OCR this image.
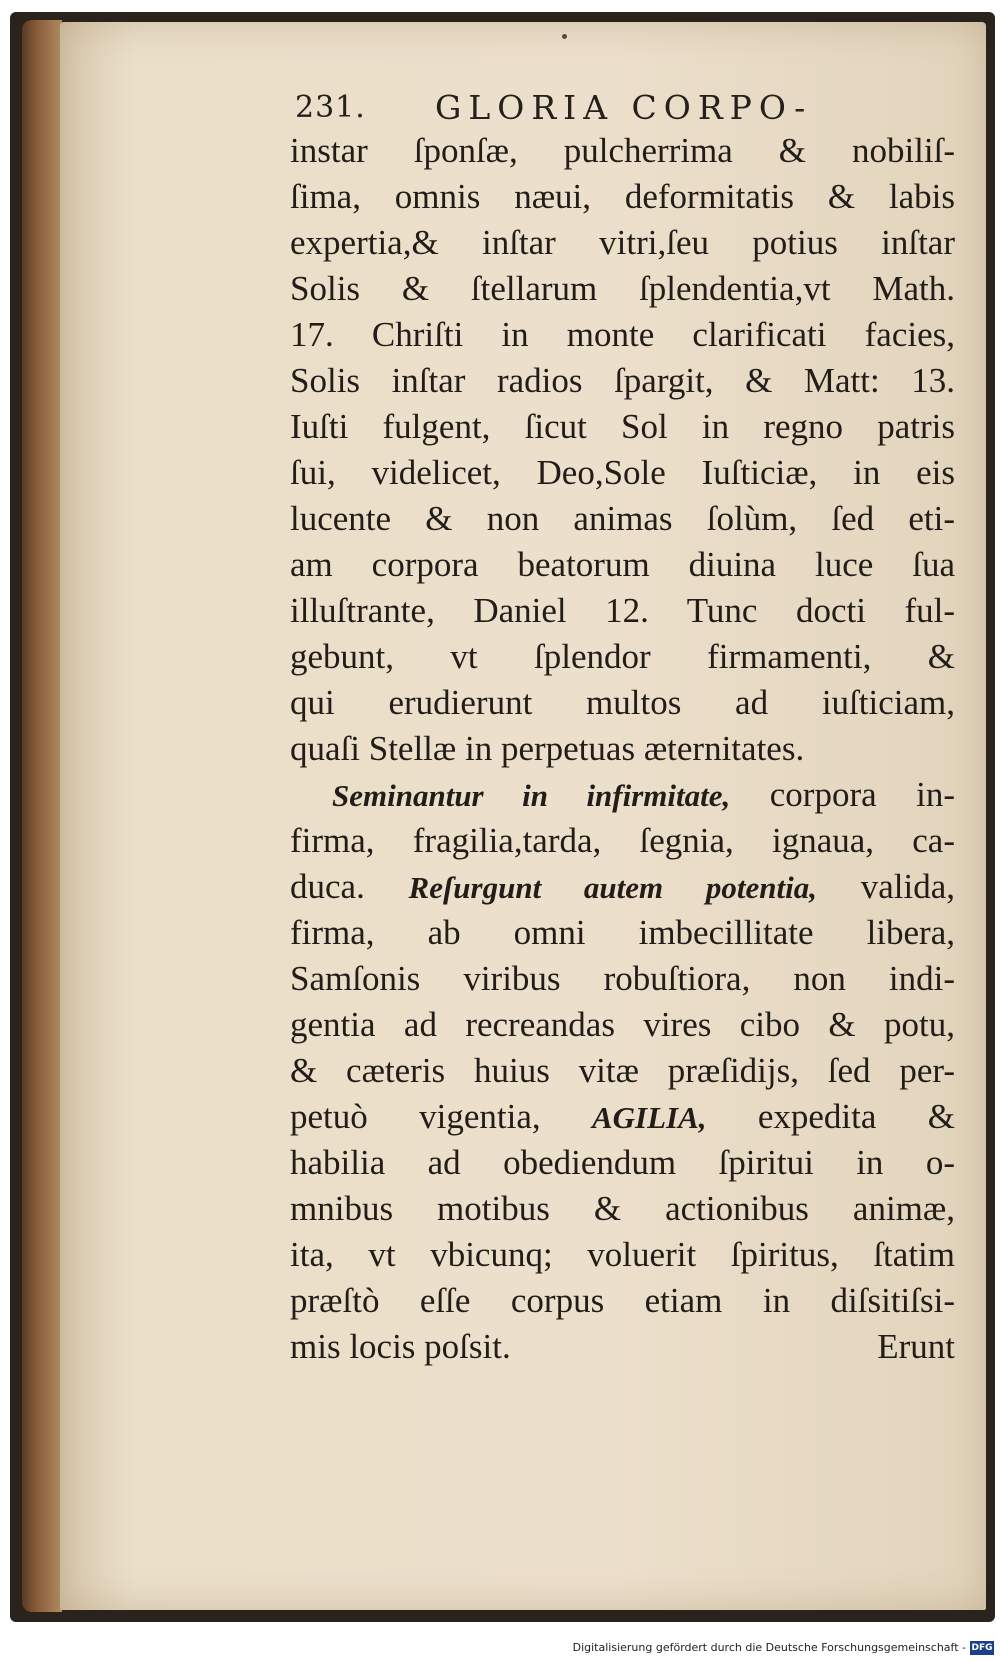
231. GLORIA CORPO-
instar ſponſæ, pulcherrima & nobiliſ-
ſima, omnis næui, deformitatis & labis
expertia,& inſtar vitri,ſeu potius inſtar
Solis & ſtellarum ſplendentia,vt Math.
17. Chriſti in monte clarificati facies,
Solis inſtar radios ſpargit, & Matt: 13.
Iuſti fulgent, ſicut Sol in regno patris
ſui, videlicet, Deo,Sole Iuſticiæ, in eis
lucente & non animas ſolùm, ſed eti-
am corpora beatorum diuina luce ſua
illuſtrante, Daniel 12. Tunc docti ful-
gebunt, vt ſplendor firmamenti, &
qui erudierunt multos ad iuſticiam,
quaſi Stellæ in perpetuas æternitates.
Seminantur in infirmitate, corpora in-
firma, fragilia,tarda, ſegnia, ignaua, ca-
duca. Reſurgunt autem potentia, valida,
firma, ab omni imbecillitate libera,
Samſonis viribus robuſtiora, non indi-
gentia ad recreandas vires cibo & potu,
& cæteris huius vitæ præſidijs, ſed per-
petuò vigentia, AGILIA, expedita &
habilia ad obediendum ſpiritui in o-
mnibus motibus & actionibus animæ,
ita, vt vbicunq; voluerit ſpiritus, ſtatim
præſtò eſſe corpus etiam in diſsitiſsi-
mis locis poſsit.	Erunt
Digitalisierung gefördert durch die Deutsche Forschungsgemeinschaft - DFG
